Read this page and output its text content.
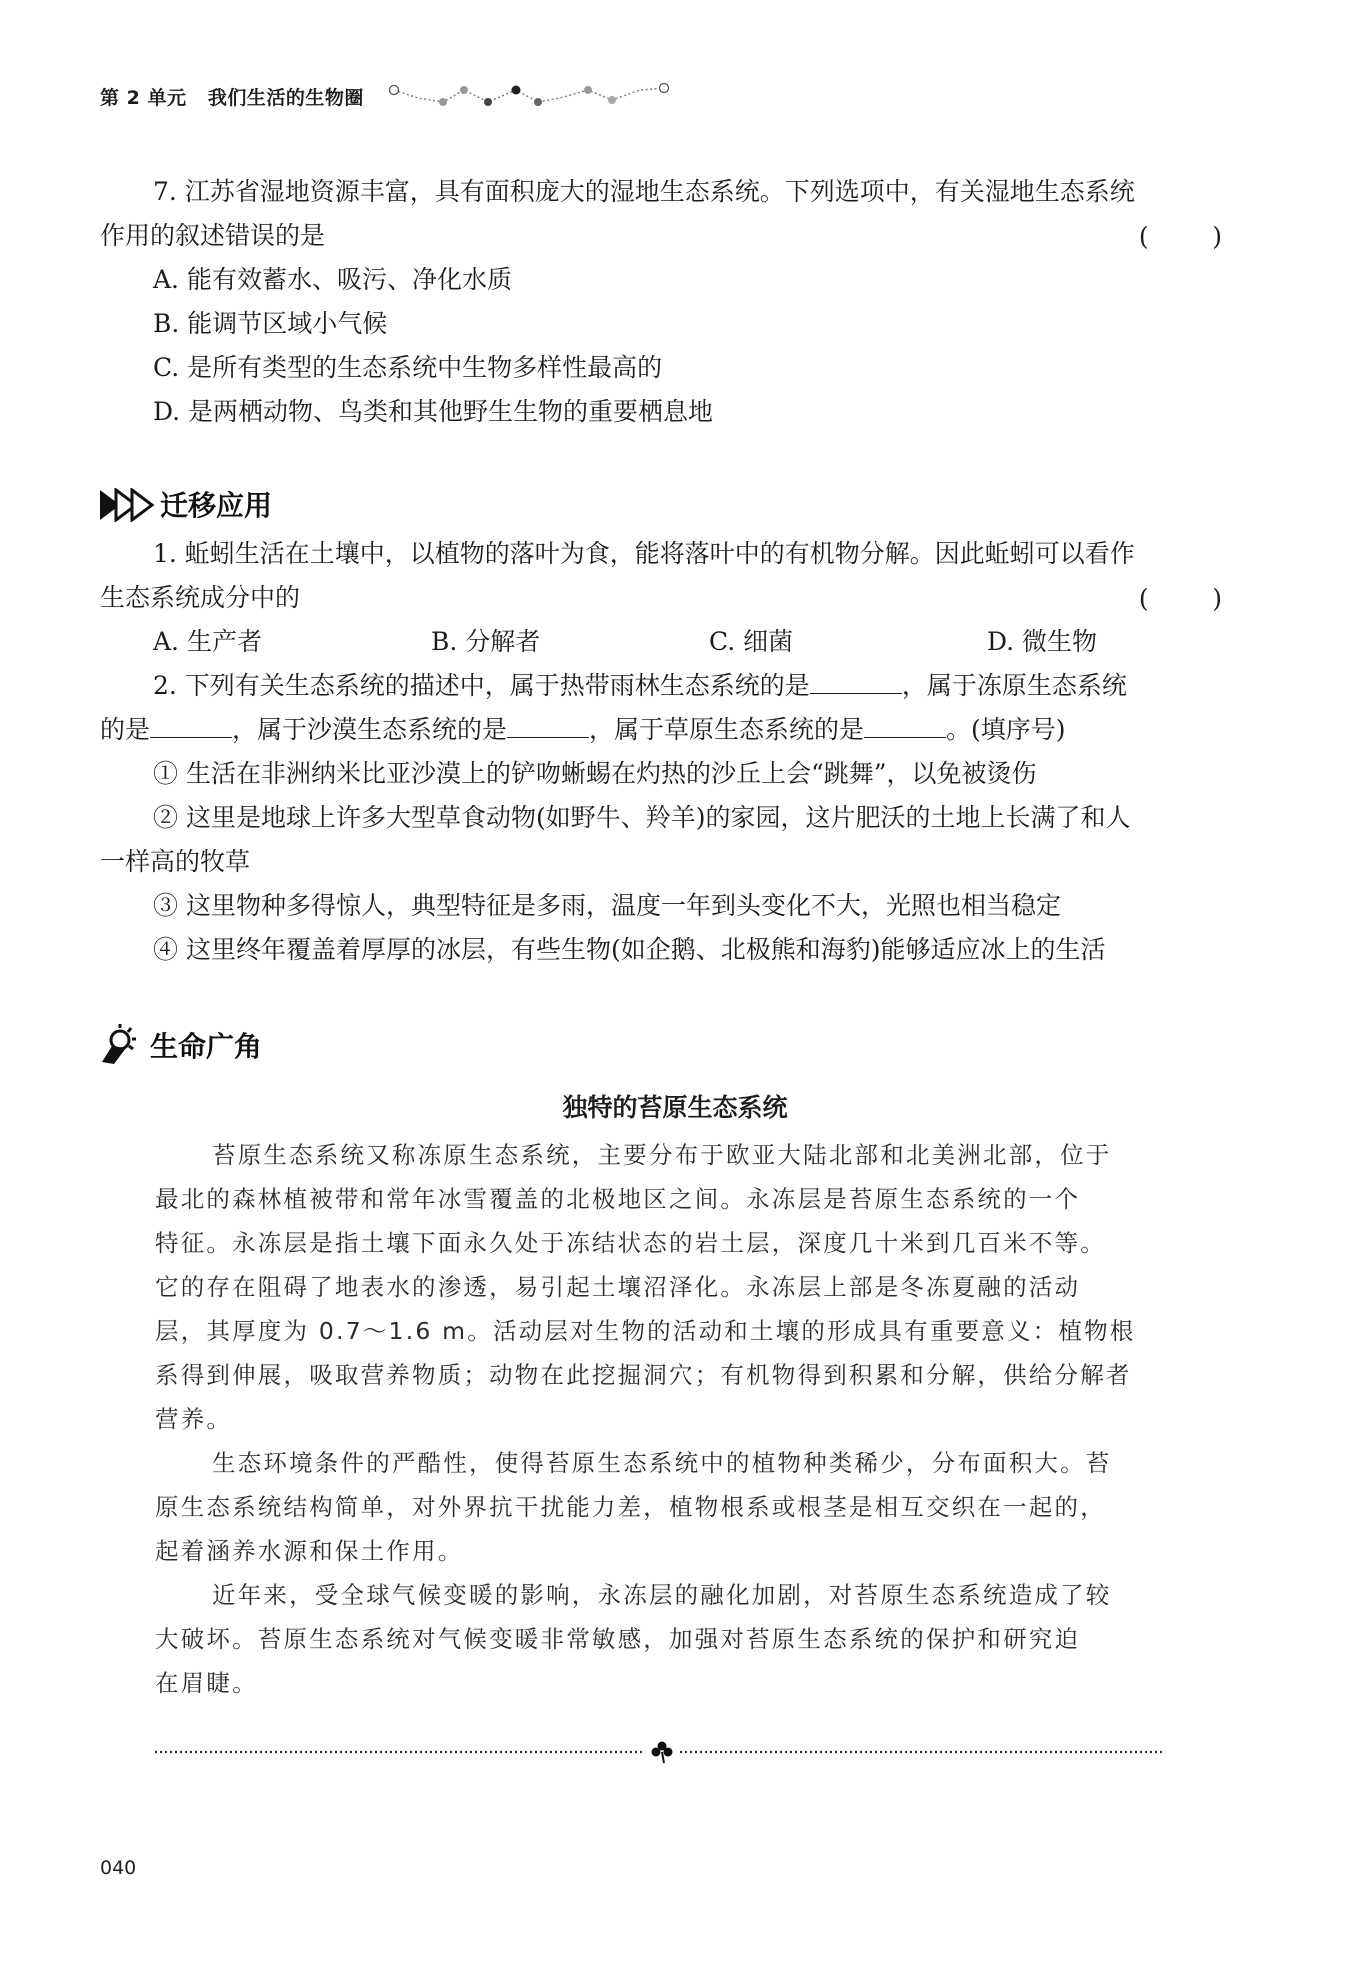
第 2 单元 我们生活的生物圈
7. 江苏省湿地资源丰富，具有面积庞大的湿地生态系统。下列选项中，有关湿地生态系统
作用的叙述错误的是	(        )
A. 能有效蓄水、吸污、净化水质
B. 能调节区域小气候
C. 是所有类型的生态系统中生物多样性最高的
D. 是两栖动物、鸟类和其他野生生物的重要栖息地
迁移应用
1. 蚯蚓生活在土壤中，以植物的落叶为食，能将落叶中的有机物分解。因此蚯蚓可以看作
生态系统成分中的	(        )
A. 生产者	B. 分解者	C. 细菌	D. 微生物
2. 下列有关生态系统的描述中，属于热带雨林生态系统的是	，属于冻原生态系统
的是	，属于沙漠生态系统的是	，属于草原生态系统的是	。(填序号)
① 生活在非洲纳米比亚沙漠上的铲吻蜥蜴在灼热的沙丘上会“跳舞”，以免被烫伤
② 这里是地球上许多大型草食动物(如野牛、羚羊)的家园，这片肥沃的土地上长满了和人
一样高的牧草
③ 这里物种多得惊人，典型特征是多雨，温度一年到头变化不大，光照也相当稳定
④ 这里终年覆盖着厚厚的冰层，有些生物(如企鹅、北极熊和海豹)能够适应冰上的生活
生命广角
独特的苔原生态系统
苔原生态系统又称冻原生态系统，主要分布于欧亚大陆北部和北美洲北部，位于
最北的森林植被带和常年冰雪覆盖的北极地区之间。永冻层是苔原生态系统的一个
特征。永冻层是指土壤下面永久处于冻结状态的岩土层，深度几十米到几百米不等。
它的存在阻碍了地表水的渗透，易引起土壤沼泽化。永冻层上部是冬冻夏融的活动
层，其厚度为 0.7～1.6 m。活动层对生物的活动和土壤的形成具有重要意义：植物根
系得到伸展，吸取营养物质；动物在此挖掘洞穴；有机物得到积累和分解，供给分解者
营养。
生态环境条件的严酷性，使得苔原生态系统中的植物种类稀少，分布面积大。苔
原生态系统结构简单，对外界抗干扰能力差，植物根系或根茎是相互交织在一起的，
起着涵养水源和保土作用。
近年来，受全球气候变暖的影响，永冻层的融化加剧，对苔原生态系统造成了较
大破坏。苔原生态系统对气候变暖非常敏感，加强对苔原生态系统的保护和研究迫
在眉睫。
040
